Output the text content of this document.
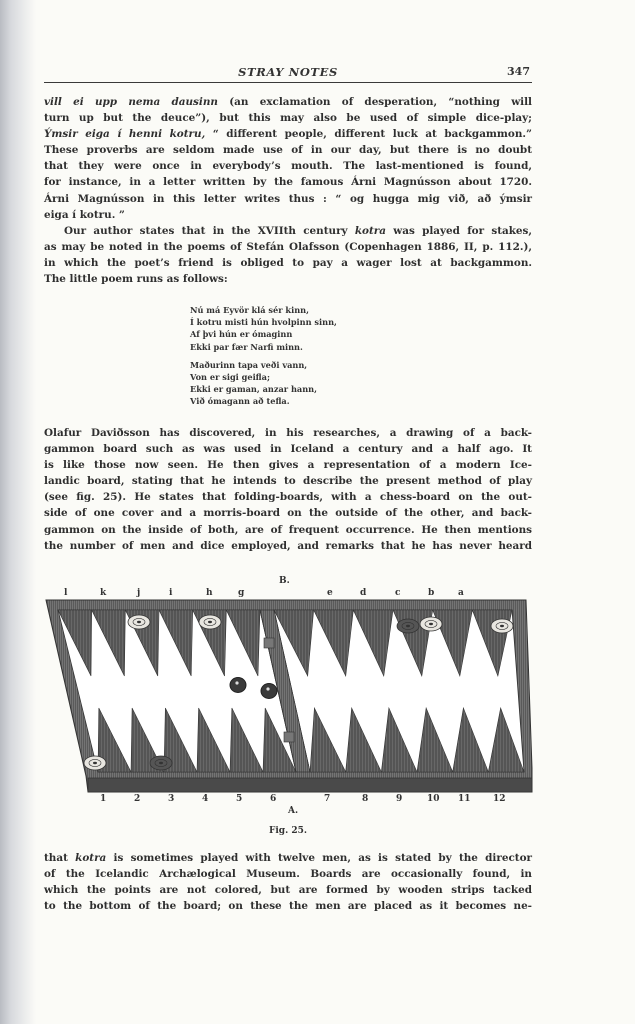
STRAY NOTES	347
vill ei upp nema dausinn (an exclamation of desperation, “nothing will
turn up but the deuce”), but this may also be used of simple dice-play;
Ýmsir eiga í henni kotru, “ different people, different luck at backgammon.”
These proverbs are seldom made use of in our day, but there is no doubt
that they were once in everybody’s mouth. The last-mentioned is found,
for instance, in a letter written by the famous Árni Magnússon about 1720.
Árni Magnússon in this letter writes thus : “ og hugga mig við, að ýmsir
eiga í kotru. ”
Our author states that in the XVIIth century kotra was played for stakes,
as may be noted in the poems of Stefán Olafsson (Copenhagen 1886, II, p. 112.),
in which the poet’s friend is obliged to pay a wager lost at backgammon.
The little poem runs as follows:
Nú má Eyvör klá sér kinn,
Í kotru misti hún hvolpinn sinn,
Af þvi hún er ómaginn
Ekki par fær Narfi minn.
Maðurinn tapa veði vann,
Von er sigi geifla;
Ekki er gaman, anzar hann,
Við ómagann að tefla.
Olafur Daviðsson has discovered, in his researches, a drawing of a back-
gammon board such as was used in Iceland a century and a half ago. It
is like those now seen. He then gives a representation of a modern Ice-
landic board, stating that he intends to describe the present method of play
(see fig. 25). He states that folding-boards, with a chess-board on the out-
side of one cover and a morris-board on the outside of the other, and back-
gammon on the inside of both, are of frequent occurrence. He then mentions
the number of men and dice employed, and remarks that he has never heard
B.
l	k	j	i	h	g	e	d	c	b	a
1	2	3	4	5	6	7	8	9	10 11 12
A.
Fig. 25.
that kotra is sometimes played with twelve men, as is stated by the director
of the Icelandic Archælogical Museum. Boards are occasionally found, in
which the points are not colored, but are formed by wooden strips tacked
to the bottom of the board; on these the men are placed as it becomes ne-
